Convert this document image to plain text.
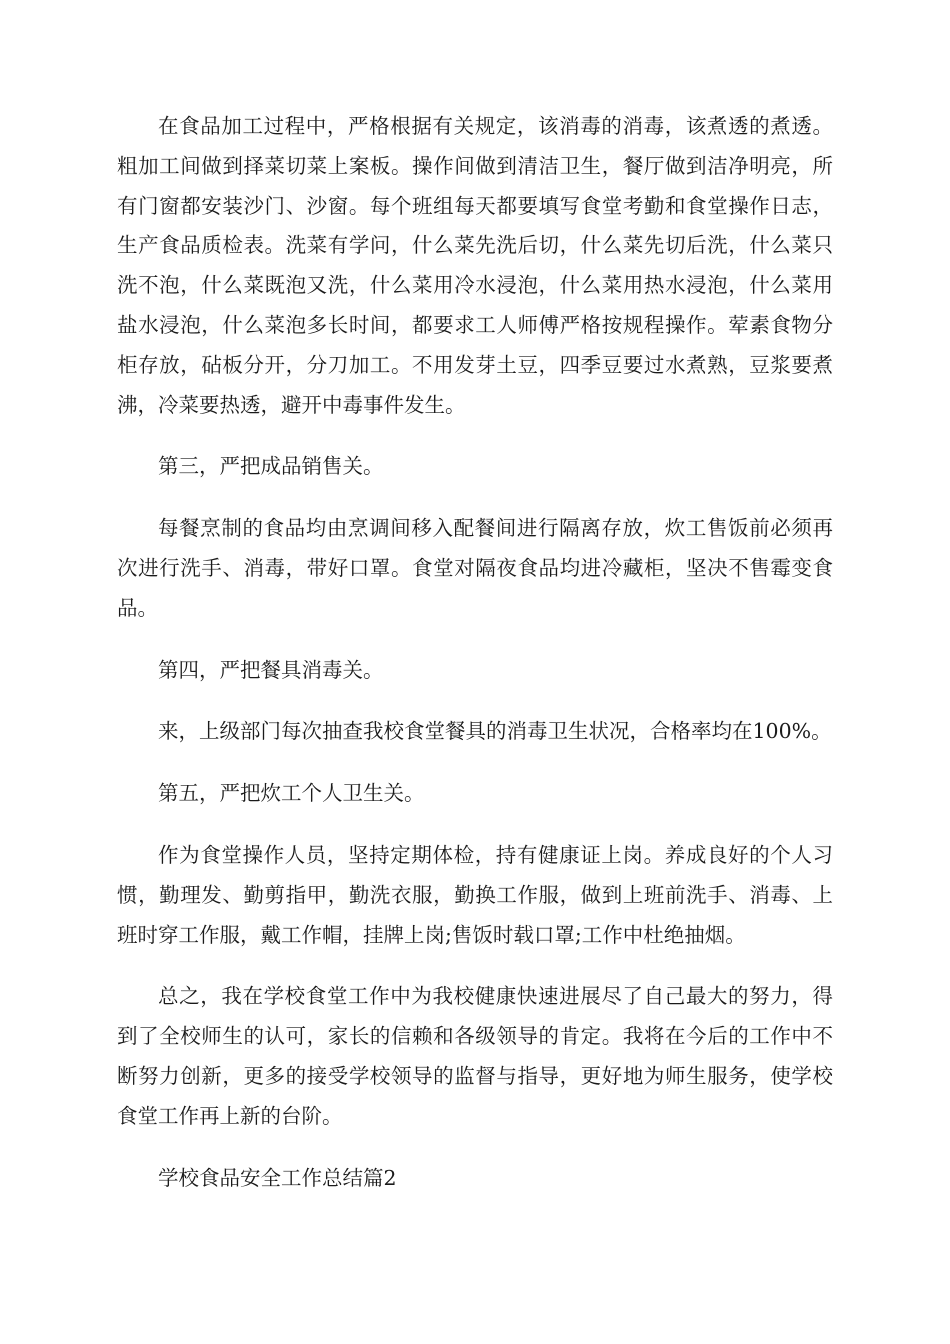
在食品加工过程中，严格根据有关规定，该消毒的消毒，该煮透的煮透。粗加工间做到择菜切菜上案板。操作间做到清洁卫生，餐厅做到洁净明亮，所有门窗都安装沙门、沙窗。每个班组每天都要填写食堂考勤和食堂操作日志，生产食品质检表。洗菜有学问，什么菜先洗后切，什么菜先切后洗，什么菜只洗不泡，什么菜既泡又洗，什么菜用冷水浸泡，什么菜用热水浸泡，什么菜用盐水浸泡，什么菜泡多长时间，都要求工人师傅严格按规程操作。荤素食物分柜存放，砧板分开，分刀加工。不用发芽土豆，四季豆要过水煮熟，豆浆要煮沸，冷菜要热透，避开中毒事件发生。

第三，严把成品销售关。

每餐烹制的食品均由烹调间移入配餐间进行隔离存放，炊工售饭前必须再次进行洗手、消毒，带好口罩。食堂对隔夜食品均进冷藏柜，坚决不售霉变食品。

第四，严把餐具消毒关。

来，上级部门每次抽查我校食堂餐具的消毒卫生状况，合格率均在100%。

第五，严把炊工个人卫生关。

作为食堂操作人员，坚持定期体检，持有健康证上岗。养成良好的个人习惯，勤理发、勤剪指甲，勤洗衣服，勤换工作服，做到上班前洗手、消毒、上班时穿工作服，戴工作帽，挂牌上岗;售饭时载口罩;工作中杜绝抽烟。

总之，我在学校食堂工作中为我校健康快速进展尽了自己最大的努力，得到了全校师生的认可，家长的信赖和各级领导的肯定。我将在今后的工作中不断努力创新，更多的接受学校领导的监督与指导，更好地为师生服务，使学校食堂工作再上新的台阶。

学校食品安全工作总结篇2
